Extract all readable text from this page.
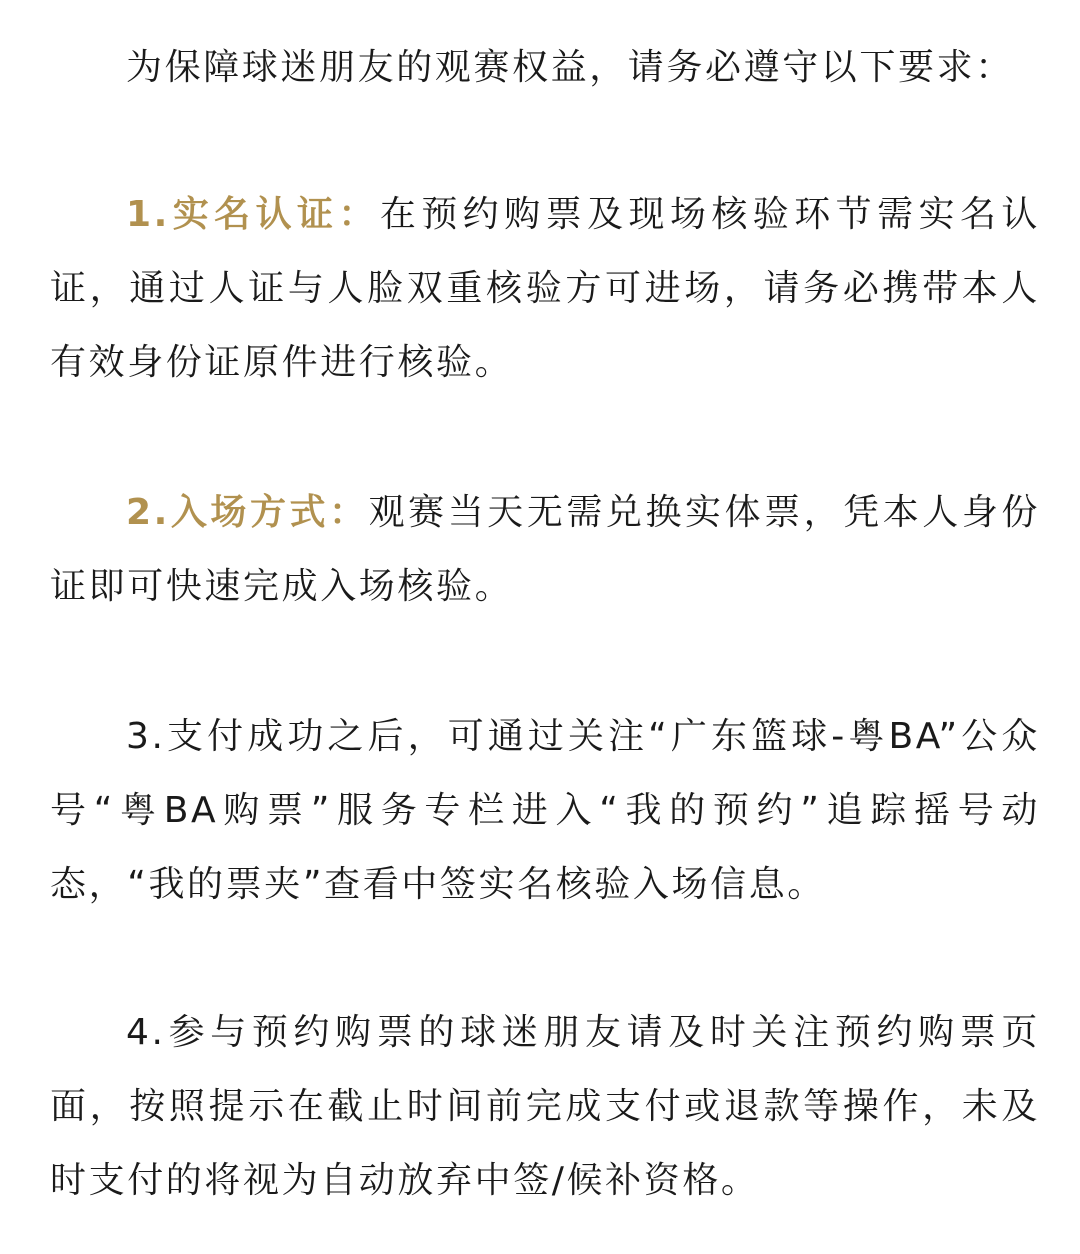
为保障球迷朋友的观赛权益，请务必遵守以下要求：

1.实名认证：在预约购票及现场核验环节需实名认证，通过人证与人脸双重核验方可进场，请务必携带本人有效身份证原件进行核验。

2.入场方式：观赛当天无需兑换实体票，凭本人身份证即可快速完成入场核验。

3.支付成功之后，可通过关注“广东篮球-粤BA”公众号“粤BA购票”服务专栏进入“我的预约”追踪摇号动态，“我的票夹”查看中签实名核验入场信息。

4.参与预约购票的球迷朋友请及时关注预约购票页面，按照提示在截止时间前完成支付或退款等操作，未及时支付的将视为自动放弃中签/候补资格。
